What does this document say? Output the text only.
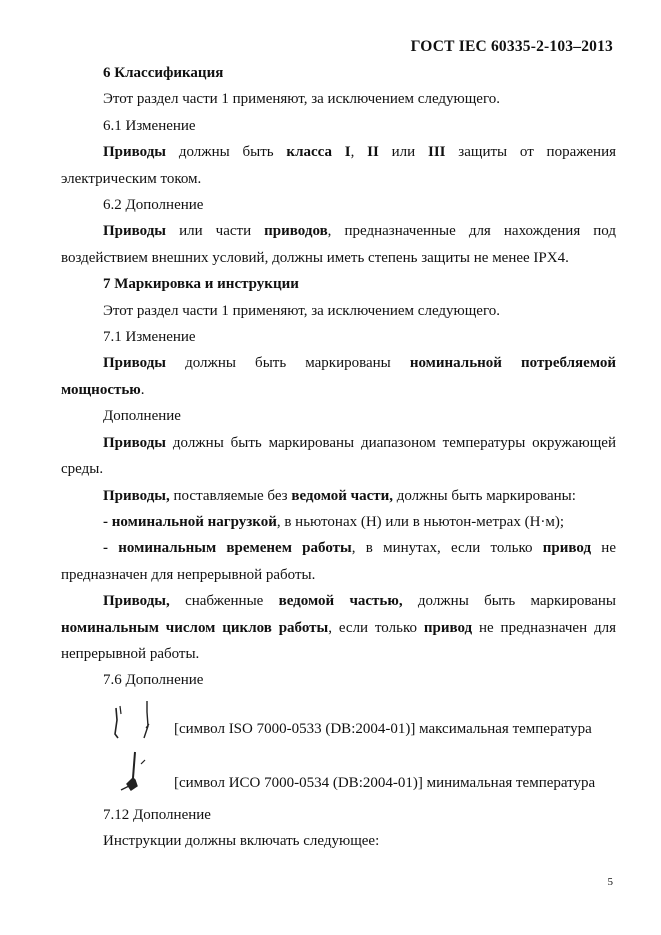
ГОСТ IEC 60335-2-103–2013

6 Классификация

Этот раздел части 1 применяют, за исключением следующего.

6.1 Изменение

Приводы должны быть класса I, II или III защиты от поражения электрическим током.

6.2 Дополнение

Приводы или части приводов, предназначенные для нахождения под воздействием внешних условий, должны иметь степень защиты не менее IPX4.

7 Маркировка и инструкции

Этот раздел части 1 применяют, за исключением следующего.

7.1 Изменение

Приводы должны быть маркированы номинальной потребляемой мощностью.

Дополнение

Приводы должны быть маркированы диапазоном температуры окружающей среды.

Приводы, поставляемые без ведомой части, должны быть маркированы:

- номинальной нагрузкой, в ньютонах (Н) или в ньютон-метрах (Н·м);

- номинальным временем работы, в минутах, если только привод не предназначен для непрерывной работы.

Приводы, снабженные ведомой частью, должны быть маркированы номинальным числом циклов работы, если только привод не предназначен для непрерывной работы.

7.6 Дополнение

[символ ISO 7000-0533 (DB:2004-01)] максимальная температура
[символ ИСО 7000-0534 (DB:2004-01)] минимальная температура

7.12 Дополнение

Инструкции должны включать следующее:

5
